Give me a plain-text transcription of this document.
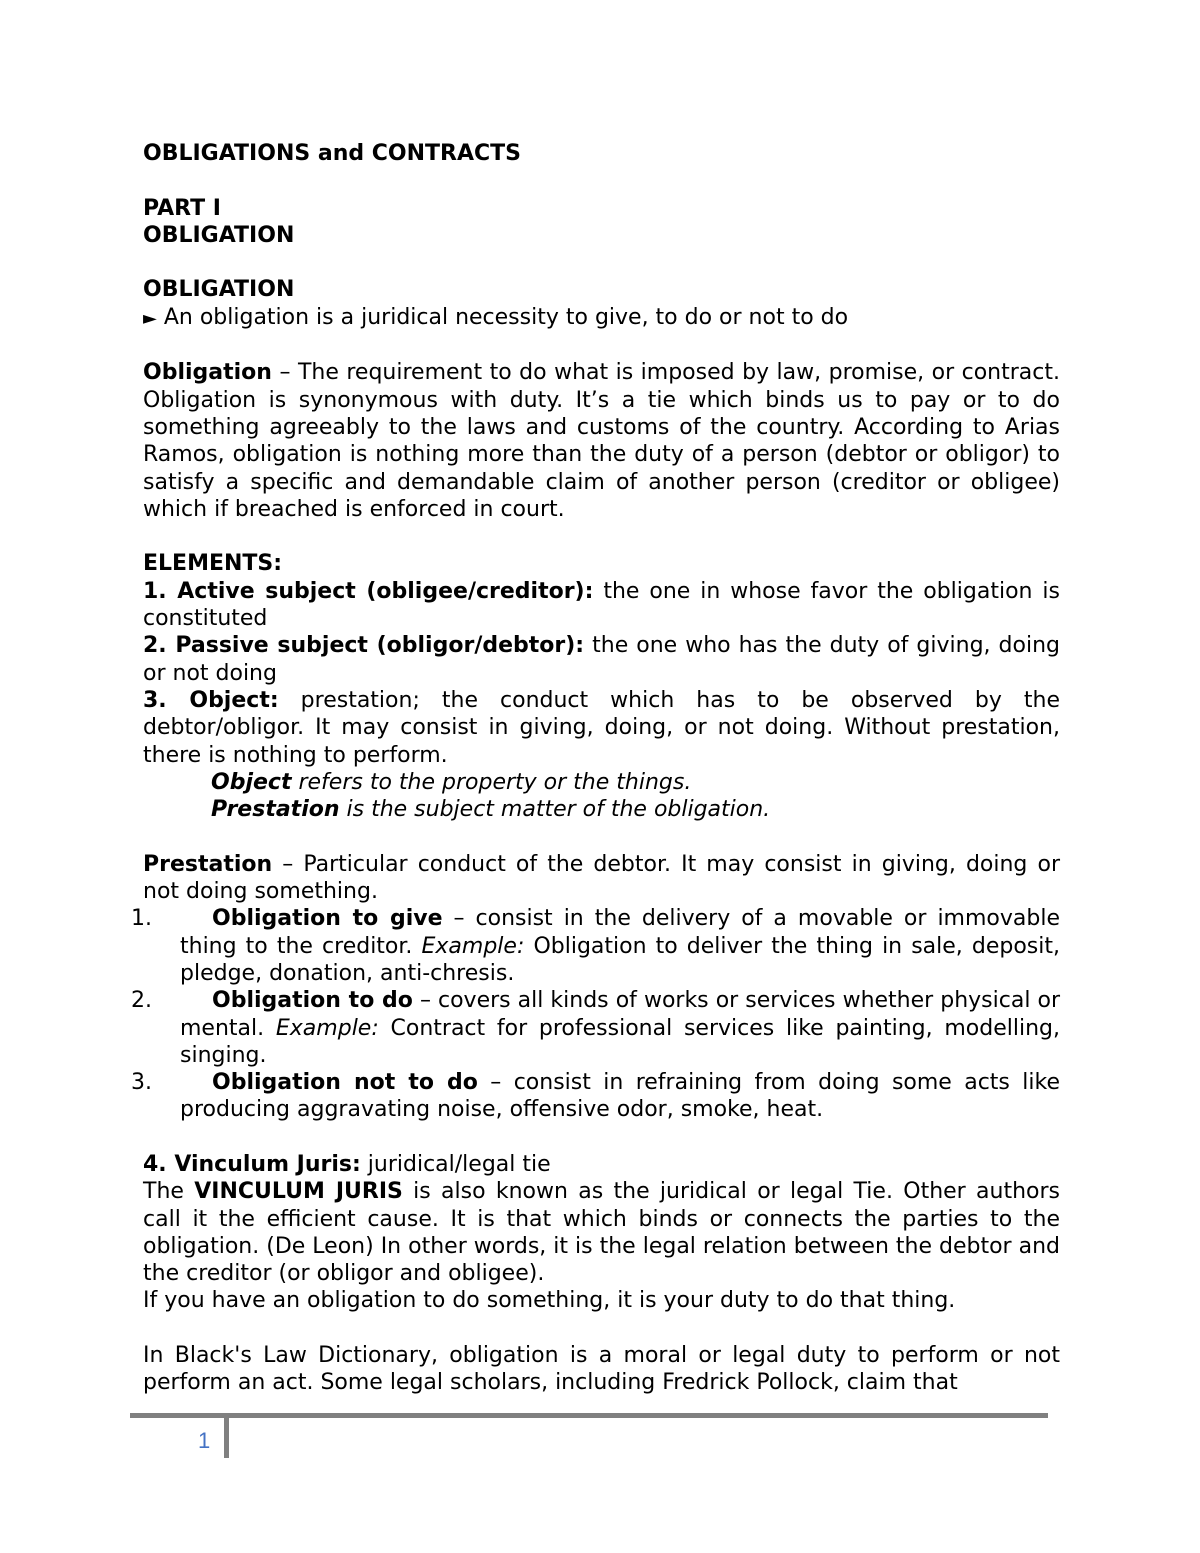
OBLIGATIONS and CONTRACTS
PART I
OBLIGATION
OBLIGATION
► An obligation is a juridical necessity to give, to do or not to do
Obligation – The requirement to do what is imposed by law, promise, or contract. Obligation is synonymous with duty. It’s a tie which binds us to pay or to do something agreeably to the laws and customs of the country. According to Arias Ramos, obligation is nothing more than the duty of a person (debtor or obligor) to satisfy a specific and demandable claim of another person (creditor or obligee) which if breached is enforced in court.
ELEMENTS:
1. Active subject (obligee/creditor): the one in whose favor the obligation is constituted
2. Passive subject (obligor/debtor): the one who has the duty of giving, doing or not doing
3. Object: prestation; the conduct which has to be observed by the debtor/obligor. It may consist in giving, doing, or not doing. Without prestation, there is nothing to perform.
Object refers to the property or the things.
Prestation is the subject matter of the obligation.
Prestation – Particular conduct of the debtor. It may consist in giving, doing or not doing something.
1.	Obligation to give – consist in the delivery of a movable or immovable thing to the creditor. Example: Obligation to deliver the thing in sale, deposit, pledge, donation, anti-chresis.
2.	Obligation to do – covers all kinds of works or services whether physical or mental. Example: Contract for professional services like painting, modelling, singing.
3.	Obligation not to do – consist in refraining from doing some acts like producing aggravating noise, offensive odor, smoke, heat.
4. Vinculum Juris: juridical/legal tie
The VINCULUM JURIS is also known as the juridical or legal Tie. Other authors call it the efficient cause. It is that which binds or connects the parties to the obligation. (De Leon) In other words, it is the legal relation between the debtor and the creditor (or obligor and obligee).
If you have an obligation to do something, it is your duty to do that thing.
In Black's Law Dictionary, obligation is a moral or legal duty to perform or not perform an act. Some legal scholars, including Fredrick Pollock, claim that
1
